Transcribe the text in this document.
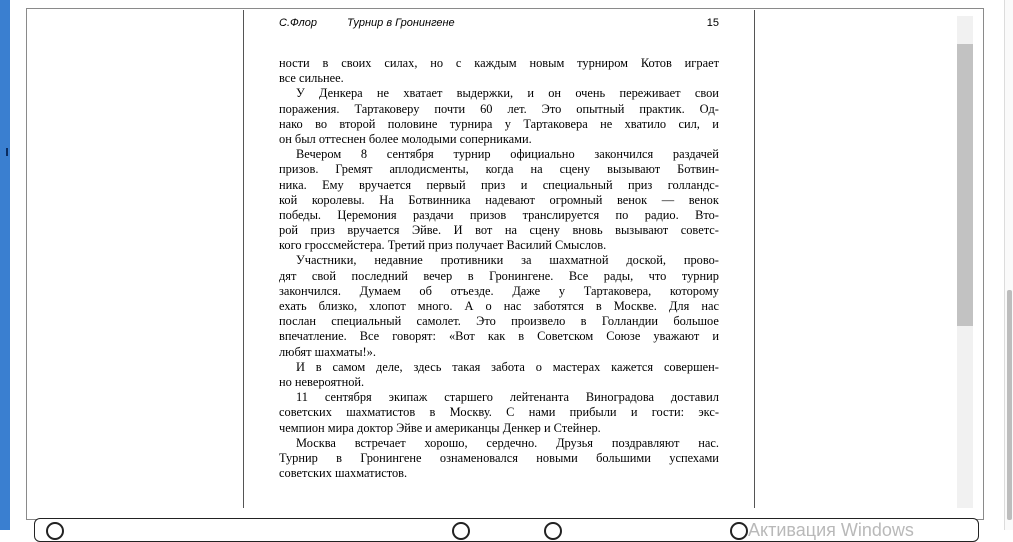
С.Флор	Турнир в Гронингене	15
ности в своих силах, но с каждым новым турниром Котов играет
все сильнее.
У Денкера не хватает выдержки, и он очень переживает свои
поражения. Тартаковеру почти 60 лет. Это опытный практик. Од-
нако во второй половине турнира у Тартаковера не хватило сил, и
он был оттеснен более молодыми соперниками.
Вечером 8 сентября турнир официально закончился раздачей
призов. Гремят аплодисменты, когда на сцену вызывают Ботвин-
ника. Ему вручается первый приз и специальный приз голландс-
кой королевы. На Ботвинника надевают огромный венок — венок
победы. Церемония раздачи призов транслируется по радио. Вто-
рой приз вручается Эйве. И вот на сцену вновь вызывают советс-
кого гроссмейстера. Третий приз получает Василий Смыслов.
Участники, недавние противники за шахматной доской, прово-
дят свой последний вечер в Гронингене. Все рады, что турнир
закончился. Думаем об отъезде. Даже у Тартаковера, которому
ехать близко, хлопот много. А о нас заботятся в Москве. Для нас
послан специальный самолет. Это произвело в Голландии большое
впечатление. Все говорят: «Вот как в Советском Союзе уважают и
любят шахматы!».
И в самом деле, здесь такая забота о мастерах кажется совершен-
но невероятной.
11 сентября экипаж старшего лейтенанта Виноградова доставил
советских шахматистов в Москву. С нами прибыли и гости: экс-
чемпион мира доктор Эйве и американцы Денкер и Стейнер.
Москва встречает хорошо, сердечно. Друзья поздравляют нас.
Турнир в Гронингене ознаменовался новыми большими успехами
советских шахматистов.
Активация Windows
